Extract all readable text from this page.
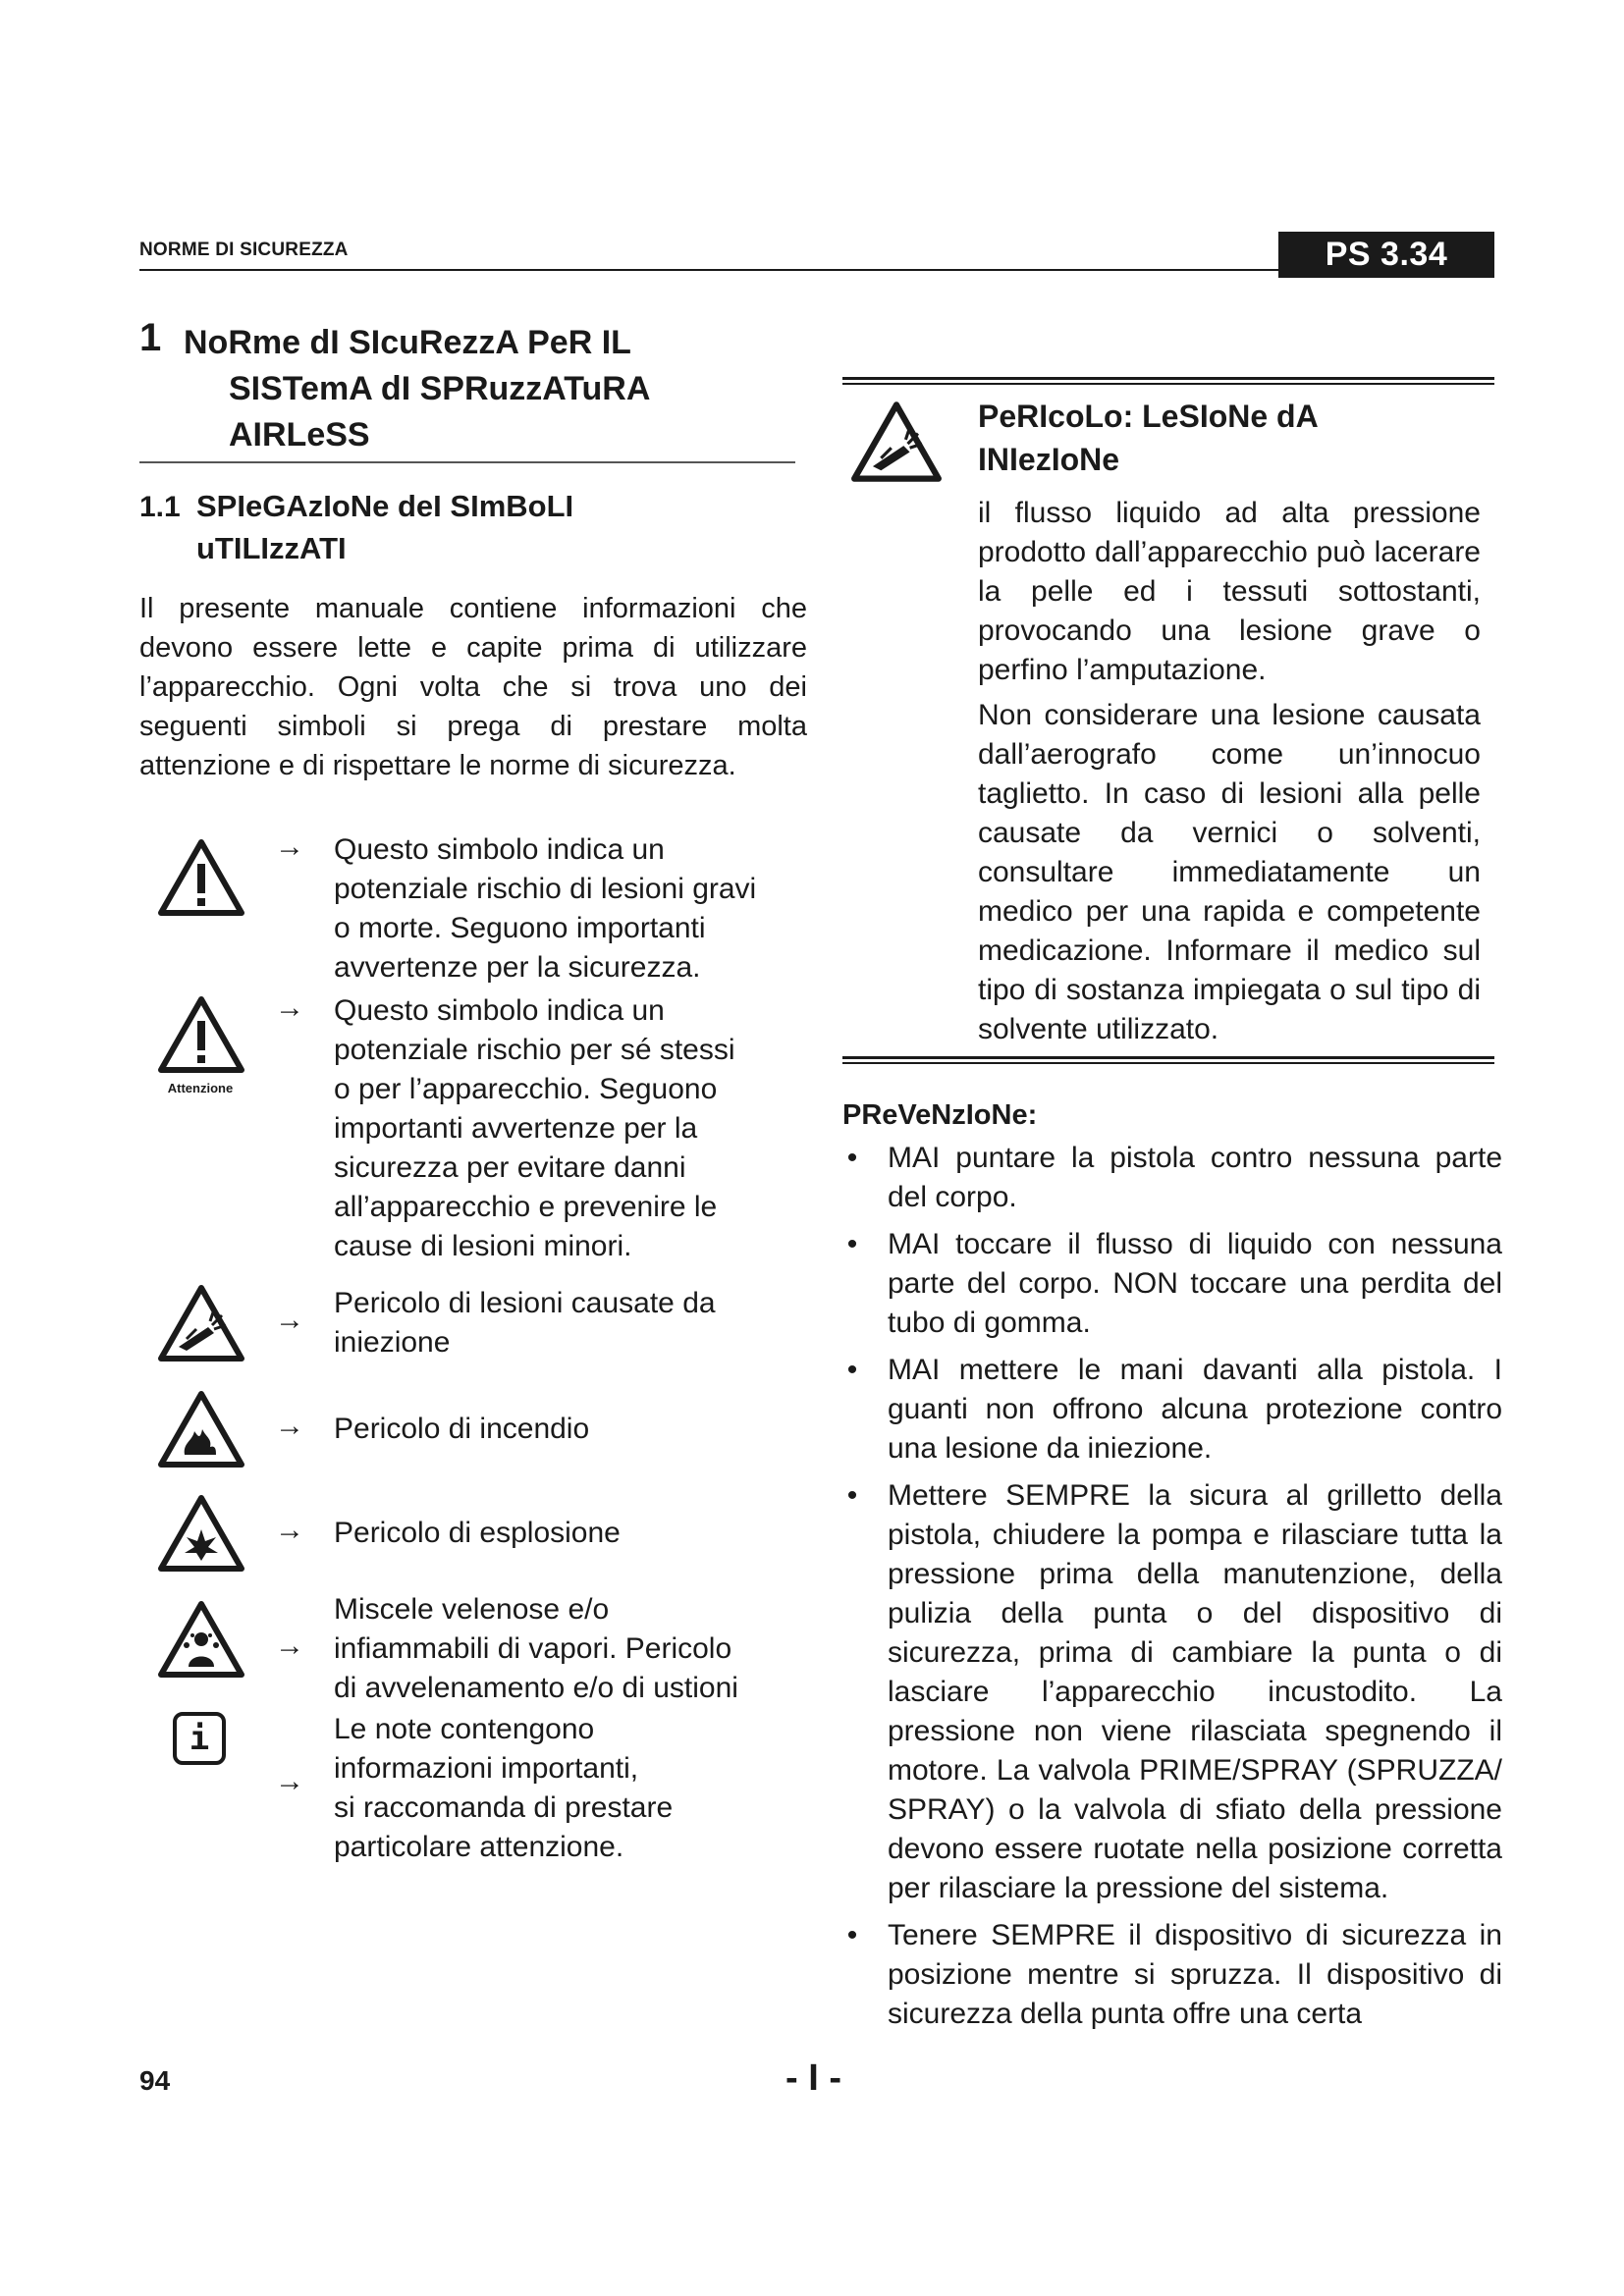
NORME DI SICUREZZA	PS 3.34
1 NoRme dI SIcuRezzA PeR IL
SISTemA dI SPRuzzATuRA
AIRLeSS
1.1 SPIeGAzIoNe deI SImBoLI
uTILIzzATI
Il presente manuale contiene informazioni che devono essere lette e capite prima di utilizzare l’apparecchio. Ogni volta che si trova uno dei seguenti simboli si prega di prestare molta attenzione e di rispettare le norme di sicurezza.
→ Questo simbolo indica un
potenziale rischio di lesioni gravi
o morte. Seguono importanti
avvertenze per la sicurezza.
Attenzione
→ Questo simbolo indica un
potenziale rischio per sé stessi
o per l’apparecchio. Seguono
importanti avvertenze per la
sicurezza per evitare danni
all’apparecchio e prevenire le
cause di lesioni minori.
→
Pericolo di lesioni causate da
iniezione
→ Pericolo di incendio
→ Pericolo di esplosione
→
Miscele velenose e/o
infiammabili di vapori. Pericolo
di avvelenamento e/o di ustioni
i
→
Le note contengono
informazioni importanti,
si raccomanda di prestare
particolare attenzione.
PeRIcoLo: LeSIoNe dA
INIezIoNe

il flusso liquido ad alta pressione prodotto dall’apparecchio può lacerare la pelle ed i tessuti sottostanti, provocando una lesione grave o perfino l’amputazione.

Non considerare una lesione causata dall’aerografo come un’innocuo taglietto. In caso di lesioni alla pelle causate da vernici o solventi, consultare immediatamente un medico per una rapida e competente medicazione. Informare il medico sul tipo di sostanza impiegata o sul tipo di solvente utilizzato.

PReVeNzIoNe:
• MAI puntare la pistola contro nessuna parte del corpo.
• MAI toccare il flusso di liquido con nessuna parte del corpo. NON toccare una perdita del tubo di gomma.
• MAI mettere le mani davanti alla pistola. I guanti non offrono alcuna protezione contro una lesione da iniezione.
• Mettere SEMPRE la sicura al grilletto della pistola, chiudere la pompa e rilasciare tutta la pressione prima della manutenzione, della pulizia della punta o del dispositivo di sicurezza, prima di cambiare la punta o di lasciare l’apparecchio incustodito. La pressione non viene rilasciata spegnendo il motore. La valvola PRIME/SPRAY (SPRUZZA/ SPRAY) o la valvola di sfiato della pressione devono essere ruotate nella posizione corretta per rilasciare la pressione del sistema.
• Tenere SEMPRE il dispositivo di sicurezza in posizione mentre si spruzza. Il dispositivo di sicurezza della punta offre una certa
94	- I -
